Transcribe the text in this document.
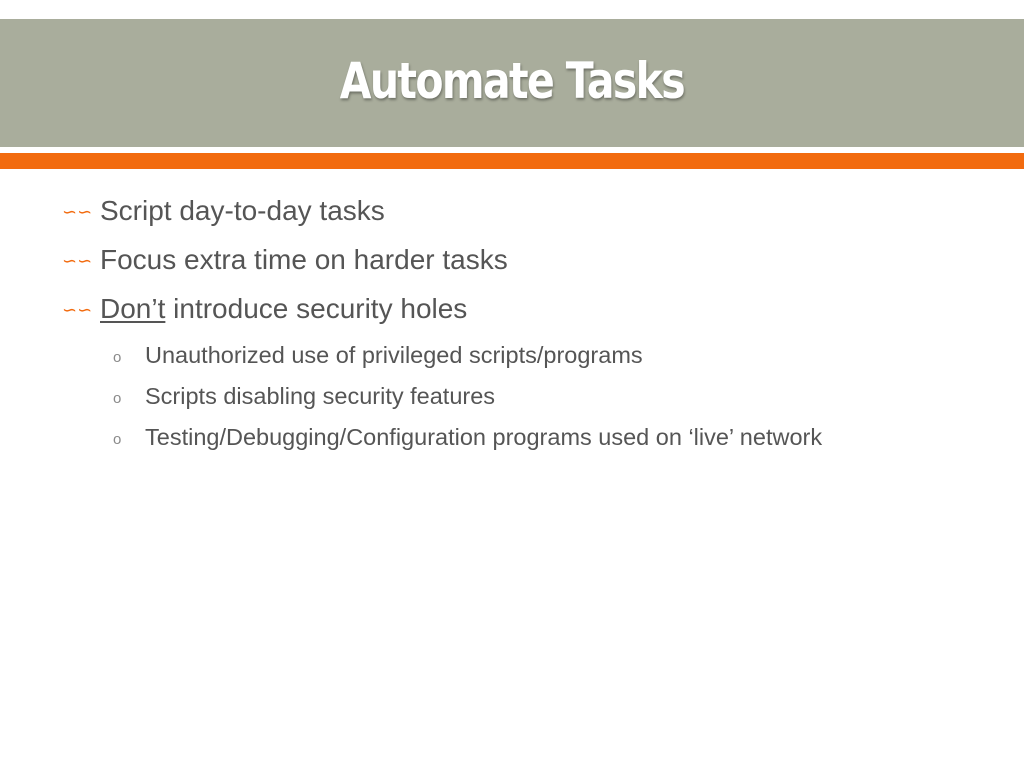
Automate Tasks
∽∽ Script day-to-day tasks
∽∽ Focus extra time on harder tasks
∽∽ Don’t introduce security holes
o	Unauthorized use of privileged scripts/programs
o	Scripts disabling security features
o	Testing/Debugging/Configuration programs used on ‘live’ network
